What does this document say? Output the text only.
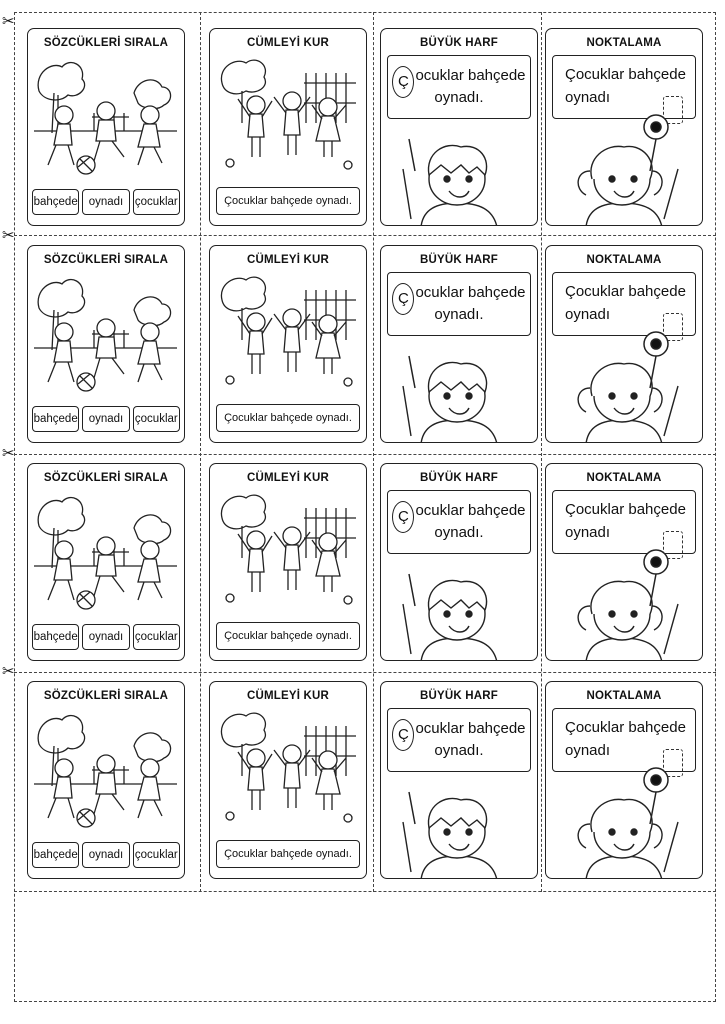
✂
✂
✂
✂
SÖZCÜKLERİ SIRALA
bahçede oynadı	çocuklar
CÜMLEYİ KUR
Çocuklar bahçede oynadı.
BÜYÜK HARF
Ç ocuklar bahçede
oynadı.
NOKTALAMA
Çocuklar bahçede
oynadı
SÖZCÜKLERİ SIRALA
bahçede oynadı	çocuklar
CÜMLEYİ KUR
Çocuklar bahçede oynadı.
BÜYÜK HARF
Ç ocuklar bahçede
oynadı.
NOKTALAMA
Çocuklar bahçede
oynadı
SÖZCÜKLERİ SIRALA
bahçede oynadı	çocuklar
CÜMLEYİ KUR
Çocuklar bahçede oynadı.
BÜYÜK HARF
Ç ocuklar bahçede
oynadı.
NOKTALAMA
Çocuklar bahçede
oynadı
SÖZCÜKLERİ SIRALA
bahçede oynadı	çocuklar
CÜMLEYİ KUR
Çocuklar bahçede oynadı.
BÜYÜK HARF
Ç ocuklar bahçede
oynadı.
NOKTALAMA
Çocuklar bahçede
oynadı
